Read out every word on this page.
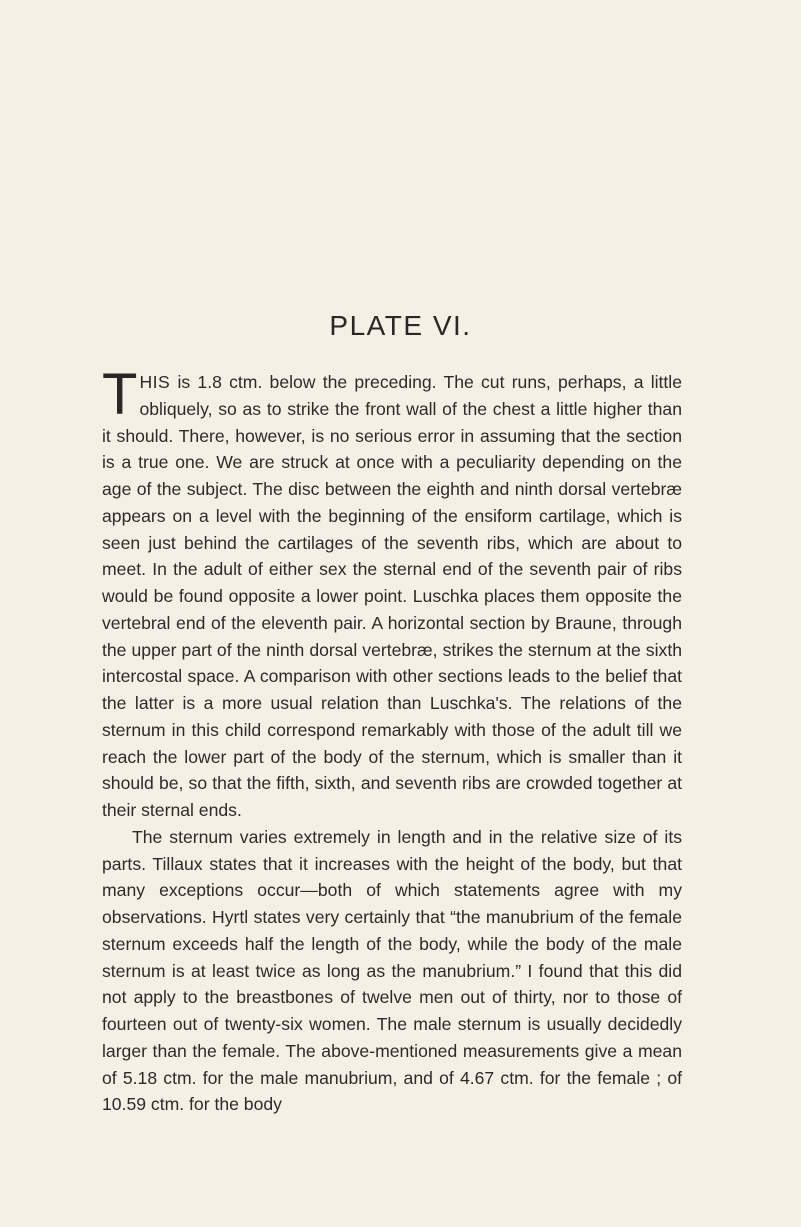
PLATE VI.

THIS is 1.8 ctm. below the preceding. The cut runs, perhaps, a little obliquely, so as to strike the front wall of the chest a little higher than it should. There, however, is no serious error in assuming that the section is a true one. We are struck at once with a peculiarity depending on the age of the subject. The disc between the eighth and ninth dorsal vertebræ appears on a level with the beginning of the ensiform cartilage, which is seen just behind the cartilages of the seventh ribs, which are about to meet. In the adult of either sex the sternal end of the seventh pair of ribs would be found opposite a lower point. Luschka places them opposite the vertebral end of the eleventh pair. A horizontal section by Braune, through the upper part of the ninth dorsal vertebræ, strikes the sternum at the sixth intercostal space. A comparison with other sections leads to the belief that the latter is a more usual relation than Luschka's. The relations of the sternum in this child correspond remarkably with those of the adult till we reach the lower part of the body of the sternum, which is smaller than it should be, so that the fifth, sixth, and seventh ribs are crowded together at their sternal ends.

The sternum varies extremely in length and in the relative size of its parts. Tillaux states that it increases with the height of the body, but that many exceptions occur—both of which statements agree with my observations. Hyrtl states very certainly that “the manubrium of the female sternum exceeds half the length of the body, while the body of the male sternum is at least twice as long as the manubrium.” I found that this did not apply to the breastbones of twelve men out of thirty, nor to those of fourteen out of twenty-six women. The male sternum is usually decidedly larger than the female. The above-mentioned measurements give a mean of 5.18 ctm. for the male manubrium, and of 4.67 ctm. for the female ; of 10.59 ctm. for the body
